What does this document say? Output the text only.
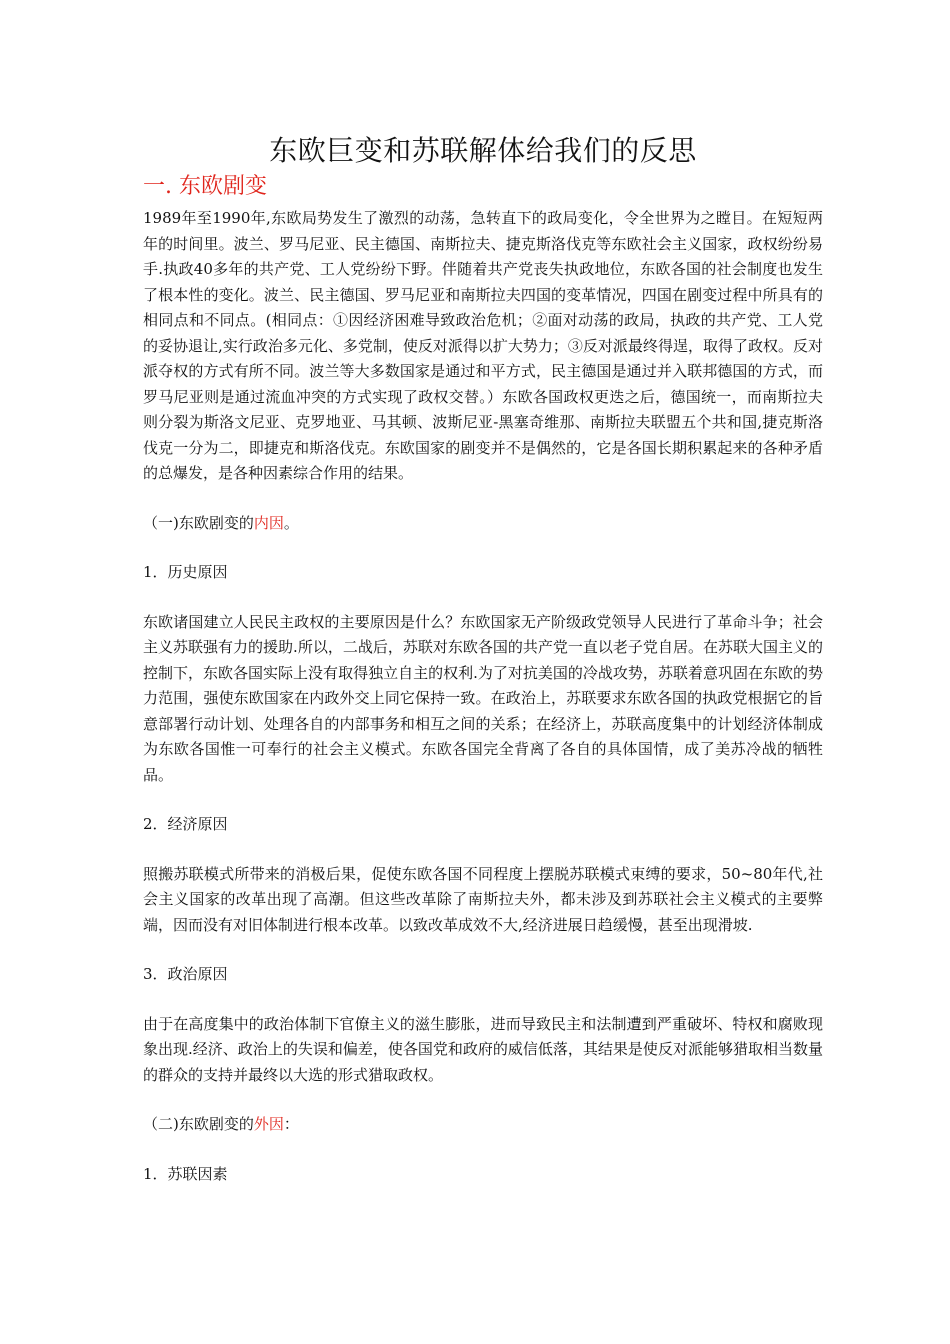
东欧巨变和苏联解体给我们的反思
一. 东欧剧变

1989年至1990年,东欧局势发生了激烈的动荡，急转直下的政局变化，令全世界为之瞠目。在短短两年的时间里。波兰、罗马尼亚、民主德国、南斯拉夫、捷克斯洛伐克等东欧社会主义国家，政权纷纷易手.执政40多年的共产党、工人党纷纷下野。伴随着共产党丧失执政地位，东欧各国的社会制度也发生了根本性的变化。波兰、民主德国、罗马尼亚和南斯拉夫四国的变革情况，四国在剧变过程中所具有的相同点和不同点。(相同点：①因经济困难导致政治危机；②面对动荡的政局，执政的共产党、工人党的妥协退让,实行政治多元化、多党制，使反对派得以扩大势力；③反对派最终得逞，取得了政权。反对派夺权的方式有所不同。波兰等大多数国家是通过和平方式，民主德国是通过并入联邦德国的方式，而罗马尼亚则是通过流血冲突的方式实现了政权交替。）东欧各国政权更迭之后，德国统一，而南斯拉夫则分裂为斯洛文尼亚、克罗地亚、马其顿、波斯尼亚-黑塞奇维那、南斯拉夫联盟五个共和国,捷克斯洛伐克一分为二，即捷克和斯洛伐克。东欧国家的剧变并不是偶然的，它是各国长期积累起来的各种矛盾的总爆发，是各种因素综合作用的结果。

（一)东欧剧变的内因。

1．历史原因

东欧诸国建立人民民主政权的主要原因是什么？东欧国家无产阶级政党领导人民进行了革命斗争；社会主义苏联强有力的援助.所以，二战后，苏联对东欧各国的共产党一直以老子党自居。在苏联大国主义的控制下，东欧各国实际上没有取得独立自主的权利.为了对抗美国的冷战攻势，苏联着意巩固在东欧的势力范围，强使东欧国家在内政外交上同它保持一致。在政治上，苏联要求东欧各国的执政党根据它的旨意部署行动计划、处理各自的内部事务和相互之间的关系；在经济上，苏联高度集中的计划经济体制成为东欧各国惟一可奉行的社会主义模式。东欧各国完全背离了各自的具体国情，成了美苏冷战的牺牲品。

2．经济原因

照搬苏联模式所带来的消极后果，促使东欧各国不同程度上摆脱苏联模式束缚的要求，50~80年代,社会主义国家的改革出现了高潮。但这些改革除了南斯拉夫外，都未涉及到苏联社会主义模式的主要弊端，因而没有对旧体制进行根本改革。以致改革成效不大,经济进展日趋缓慢，甚至出现滑坡.

3．政治原因

由于在高度集中的政治体制下官僚主义的滋生膨胀，进而导致民主和法制遭到严重破坏、特权和腐败现象出现.经济、政治上的失误和偏差，使各国党和政府的威信低落，其结果是使反对派能够猎取相当数量的群众的支持并最终以大选的形式猎取政权。

（二)东欧剧变的外因：

1．苏联因素
